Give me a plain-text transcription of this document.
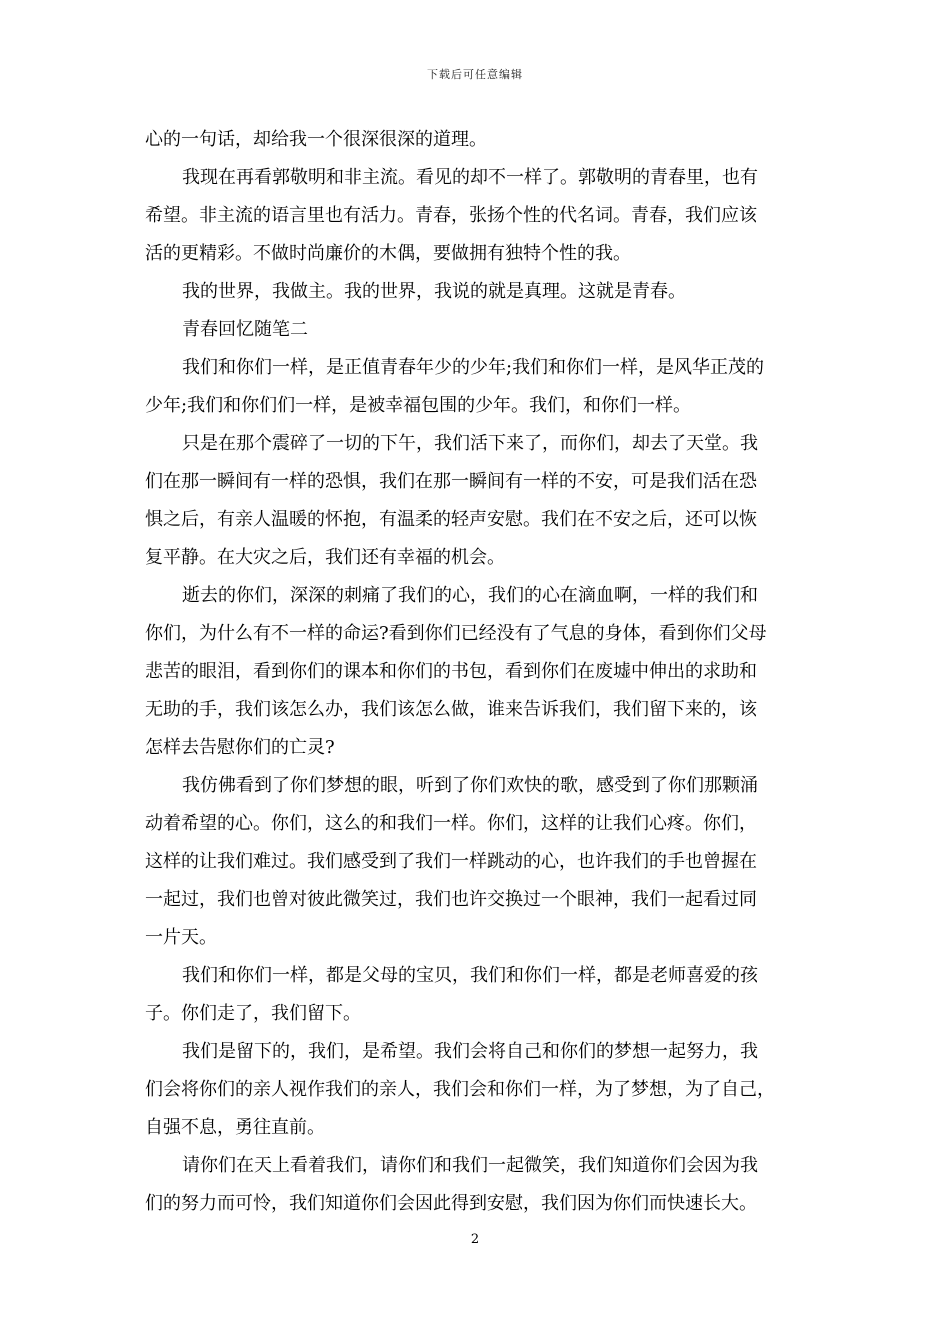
下载后可任意编辑
心的一句话，却给我一个很深很深的道理。
我现在再看郭敬明和非主流。看见的却不一样了。郭敬明的青春里，也有
希望。非主流的语言里也有活力。青春，张扬个性的代名词。青春，我们应该
活的更精彩。不做时尚廉价的木偶，要做拥有独特个性的我。
我的世界，我做主。我的世界，我说的就是真理。这就是青春。
青春回忆随笔二
我们和你们一样，是正值青春年少的少年;我们和你们一样，是风华正茂的
少年;我们和你们们一样，是被幸福包围的少年。我们，和你们一样。
只是在那个震碎了一切的下午，我们活下来了，而你们，却去了天堂。我
们在那一瞬间有一样的恐惧，我们在那一瞬间有一样的不安，可是我们活在恐
惧之后，有亲人温暖的怀抱，有温柔的轻声安慰。我们在不安之后，还可以恢
复平静。在大灾之后，我们还有幸福的机会。
逝去的你们，深深的刺痛了我们的心，我们的心在滴血啊，一样的我们和
你们，为什么有不一样的命运?看到你们已经没有了气息的身体，看到你们父母
悲苦的眼泪，看到你们的课本和你们的书包，看到你们在废墟中伸出的求助和
无助的手，我们该怎么办，我们该怎么做，谁来告诉我们，我们留下来的，该
怎样去告慰你们的亡灵?
我仿佛看到了你们梦想的眼，听到了你们欢快的歌，感受到了你们那颗涌
动着希望的心。你们，这么的和我们一样。你们，这样的让我们心疼。你们，
这样的让我们难过。我们感受到了我们一样跳动的心，也许我们的手也曾握在
一起过，我们也曾对彼此微笑过，我们也许交换过一个眼神，我们一起看过同
一片天。
我们和你们一样，都是父母的宝贝，我们和你们一样，都是老师喜爱的孩
子。你们走了，我们留下。
我们是留下的，我们，是希望。我们会将自己和你们的梦想一起努力，我
们会将你们的亲人视作我们的亲人，我们会和你们一样，为了梦想，为了自己，
自强不息，勇往直前。
请你们在天上看着我们，请你们和我们一起微笑，我们知道你们会因为我
们的努力而可怜，我们知道你们会因此得到安慰，我们因为你们而快速长大。
2
